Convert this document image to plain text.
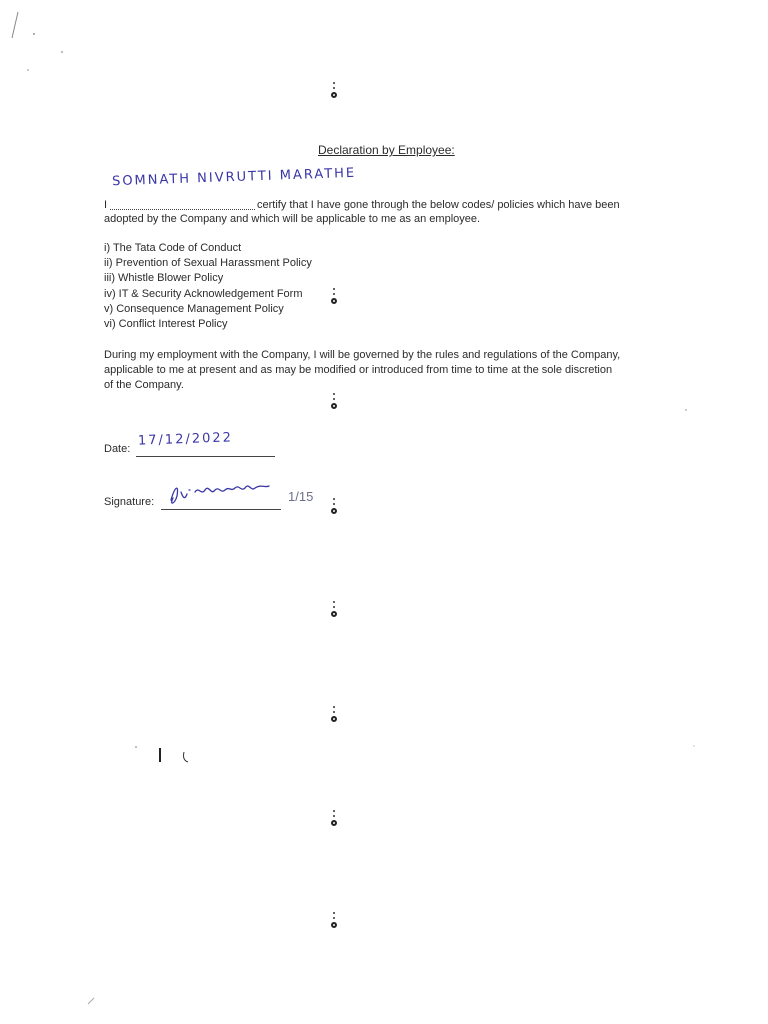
Declaration by Employee:
SOMNATH NIVRUTTI MARATHE
I	certify that I have gone through the below codes/ policies which have been
adopted by the Company and which will be applicable to me as an employee.
i) The Tata Code of Conduct
ii) Prevention of Sexual Harassment Policy
iii) Whistle Blower Policy
iv) IT & Security Acknowledgement Form
v) Consequence Management Policy
vi) Conflict Interest Policy
During my employment with the Company, I will be governed by the rules and regulations of the Company,
applicable to me at present and as may be modified or introduced from time to time at the sole discretion
of the Company.
Date:
17/12/2022
Signature:	1/15
